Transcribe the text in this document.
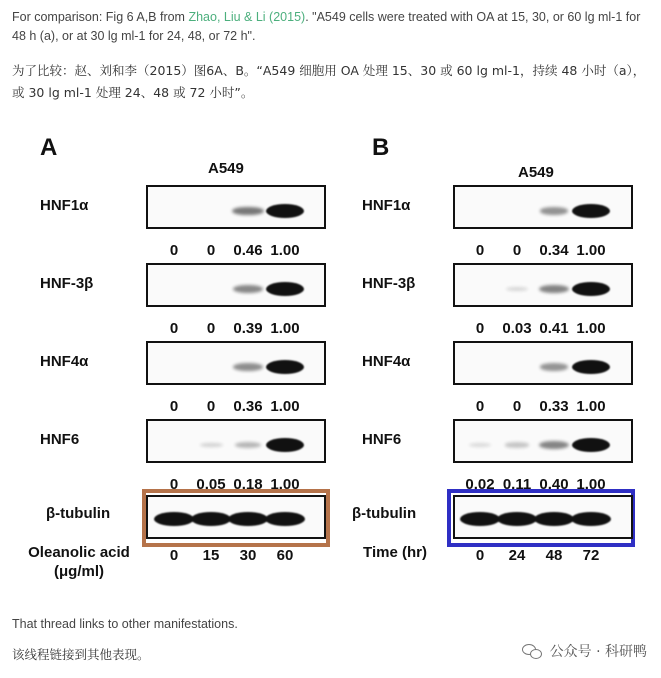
For comparison: Fig 6 A,B from Zhao, Liu & Li (2015). "A549 cells were treated with OA at 15, 30, or 60 lg ml-1 for 48 h (a), or at 30 lg ml-1 for 24, 48, or 72 h".
为了比较：赵、刘和李（2015）图6A、B。“A549 细胞用 OA 处理 15、30 或 60 lg ml-1，持续 48 小时（a），或 30 lg ml-1 处理 24、48 或 72 小时”。
A
A549
HNF1α
0	0	0.46 1.00
HNF-3β
0	0	0.39 1.00
HNF4α
0	0	0.36 1.00
HNF6
0	0.05 0.18 1.00
β-tubulin
Oleanolic acid
(μg/ml)
0	15	30	60
B
A549
HNF1α
0	0	0.34 1.00
HNF-3β
0	0.03 0.41 1.00
HNF4α
0	0	0.33 1.00
HNF6
0.02 0.11 0.40 1.00
β-tubulin
Time (hr)	0	24	48	72
That thread links to other manifestations.
该线程链接到其他表现。	公众号 · 科研鸭
